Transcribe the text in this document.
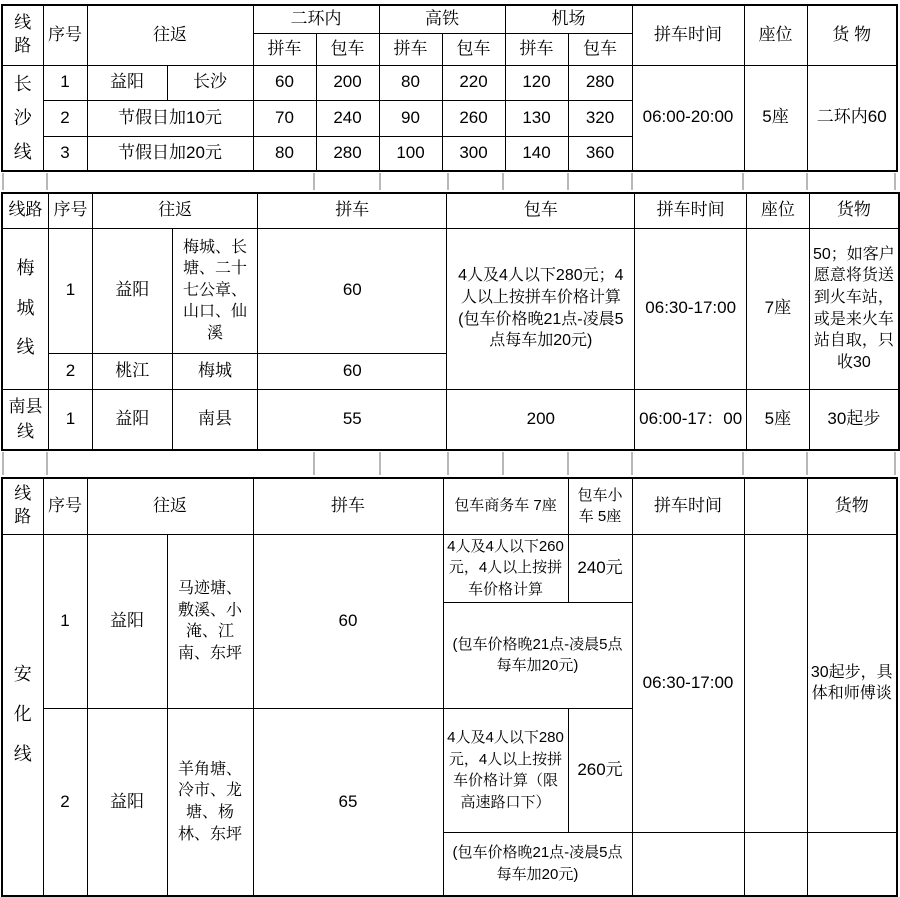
线路	序号	往返		二环内		高铁		机场		拼车时间	座位	货 物
				拼车	包车	拼车	包车	拼车	包车			
长沙线	1	益阳	长沙	60	200	80	220	120	280	06:00-20:00	5座	二环内60
	2	节假日加10元		70	240	90	260	130	320			
	3	节假日加20元		80	280	100	300	140	360			
线路	序号	往返		拼车	包车	拼车时间	座位	货物
梅城线	1	益阳	梅城、长塘、二十七公章、山口、仙溪	60	4人及4人以下280元；4人以上按拼车价格计算(包车价格晚21点-凌晨5点每车加20元)	06:30-17:00	7座	50；如客户愿意将货送到火车站，或是来火车站自取，只收30
	2	桃江	梅城	60				
南县线	1	益阳	南县	55	200	06:00-17：00	5座	30起步
线路	序号	往返		拼车	包车商务车 7座	包车小车 5座	拼车时间		货物
安化线	1	益阳	马迹塘、敷溪、小淹、江南、东坪	60	4人及4人以下260元，4人以上按拼车价格计算	240元	06:30-17:00		30起步，具体和师傅谈
					(包车价格晚21点-凌晨5点每车加20元)				
	2	益阳	羊角塘、冷市、龙塘、杨林、东坪	65	4人及4人以下280元，4人以上按拼车价格计算（限高速路口下）	260元			
					(包车价格晚21点-凌晨5点每车加20元)				
